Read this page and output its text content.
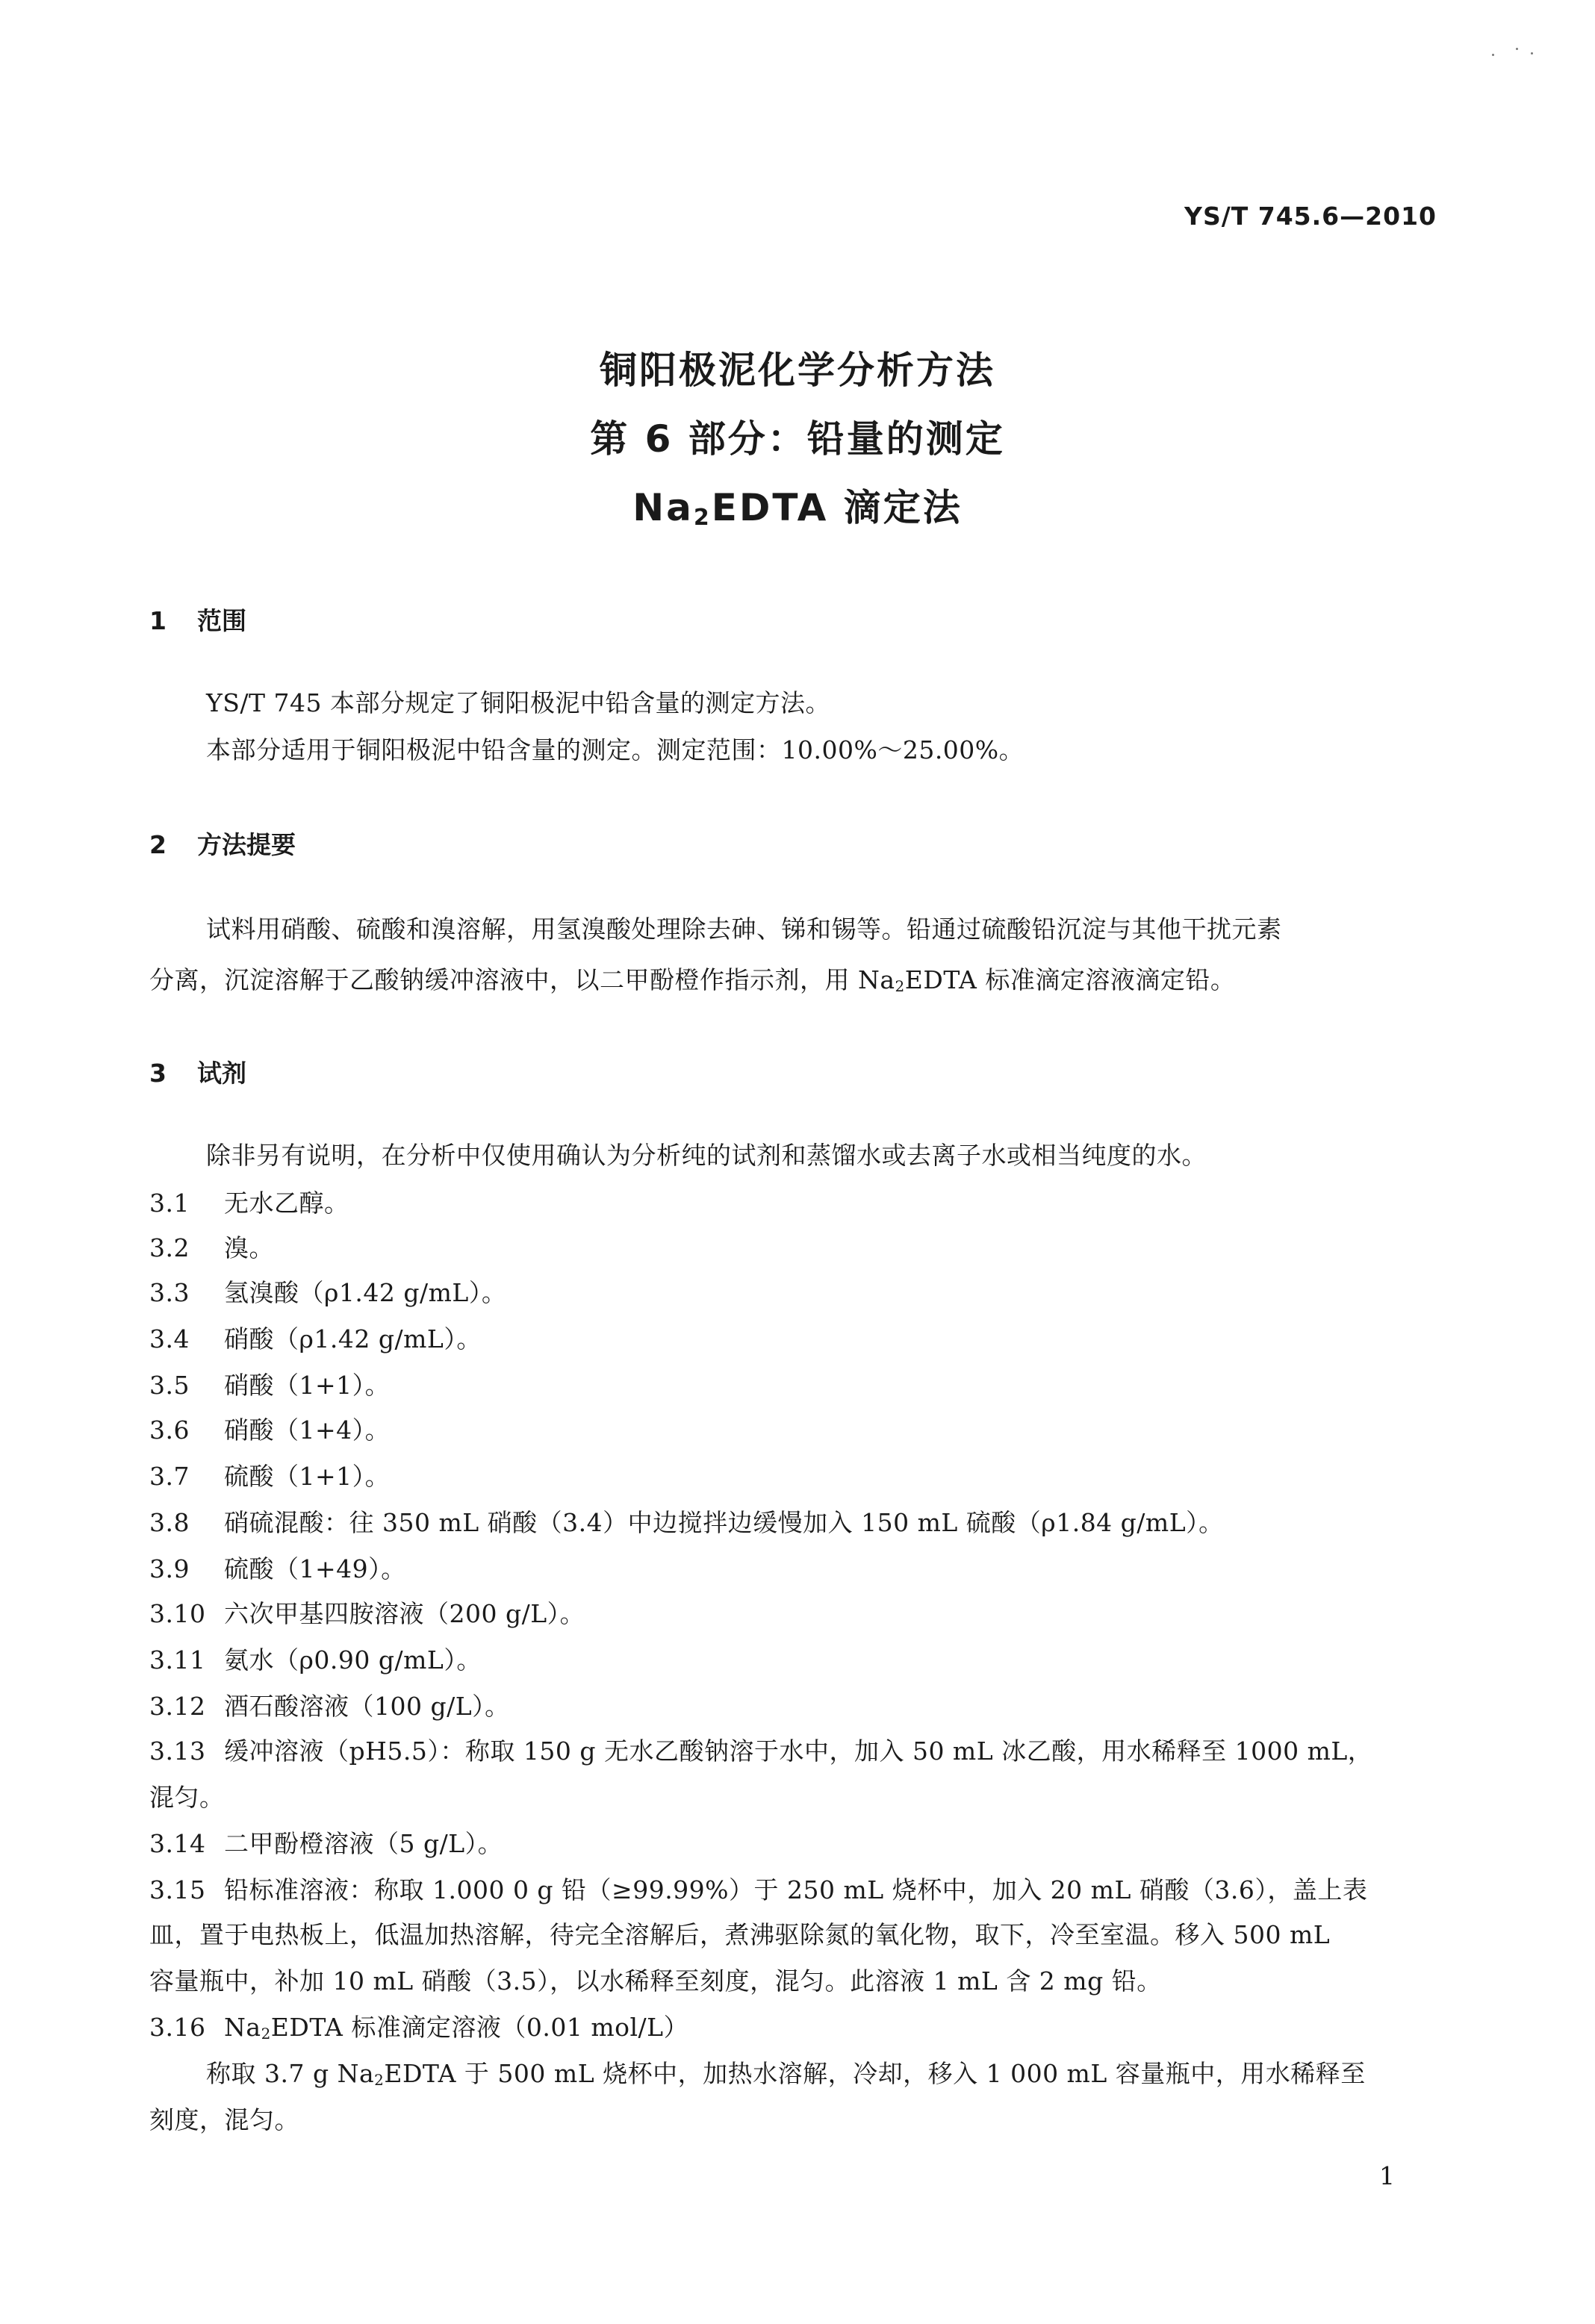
YS/T 745.6—2010
铜阳极泥化学分析方法
第 6 部分：铅量的测定
$Na_2EDTA$ 滴定法
1 范围
YS/T 745 本部分规定了铜阳极泥中铅含量的测定方法。
本部分适用于铜阳极泥中铅含量的测定。测定范围：10.00%～25.00%。
2 方法提要
试料用硝酸、硫酸和溴溶解，用氢溴酸处理除去砷、锑和锡等。铅通过硫酸铅沉淀与其他干扰元素
分离，沉淀溶解于乙酸钠缓冲溶液中，以二甲酚橙作指示剂，用 Na2EDTA 标准滴定溶液滴定铅。
3 试剂
除非另有说明，在分析中仅使用确认为分析纯的试剂和蒸馏水或去离子水或相当纯度的水。
3.1 无水乙醇。
3.2 溴。
3.3 氢溴酸（ρ1.42 g/mL）。
3.4 硝酸（ρ1.42 g/mL）。
3.5 硝酸（1+1）。
3.6 硝酸（1+4）。
3.7 硫酸（1+1）。
3.8 硝硫混酸：往 350 mL 硝酸（3.4）中边搅拌边缓慢加入 150 mL 硫酸（ρ1.84 g/mL）。
3.9 硫酸（1+49）。
3.10 六次甲基四胺溶液（200 g/L）。
3.11 氨水（ρ0.90 g/mL）。
3.12 酒石酸溶液（100 g/L）。
3.13 缓冲溶液（pH5.5）：称取 150 g 无水乙酸钠溶于水中，加入 50 mL 冰乙酸，用水稀释至 1000 mL，
混匀。
3.14 二甲酚橙溶液（5 g/L）。
3.15 铅标准溶液：称取 1.000 0 g 铅（≥99.99%）于 250 mL 烧杯中，加入 20 mL 硝酸（3.6），盖上表
皿，置于电热板上，低温加热溶解，待完全溶解后，煮沸驱除氮的氧化物，取下，冷至室温。移入 500 mL
容量瓶中，补加 10 mL 硝酸（3.5），以水稀释至刻度，混匀。此溶液 1 mL 含 2 mg 铅。
3.16 Na2EDTA 标准滴定溶液（0.01 mol/L）
称取 3.7 g Na2EDTA 于 500 mL 烧杯中，加热水溶解，冷却，移入 1 000 mL 容量瓶中，用水稀释至
刻度，混匀。
1
